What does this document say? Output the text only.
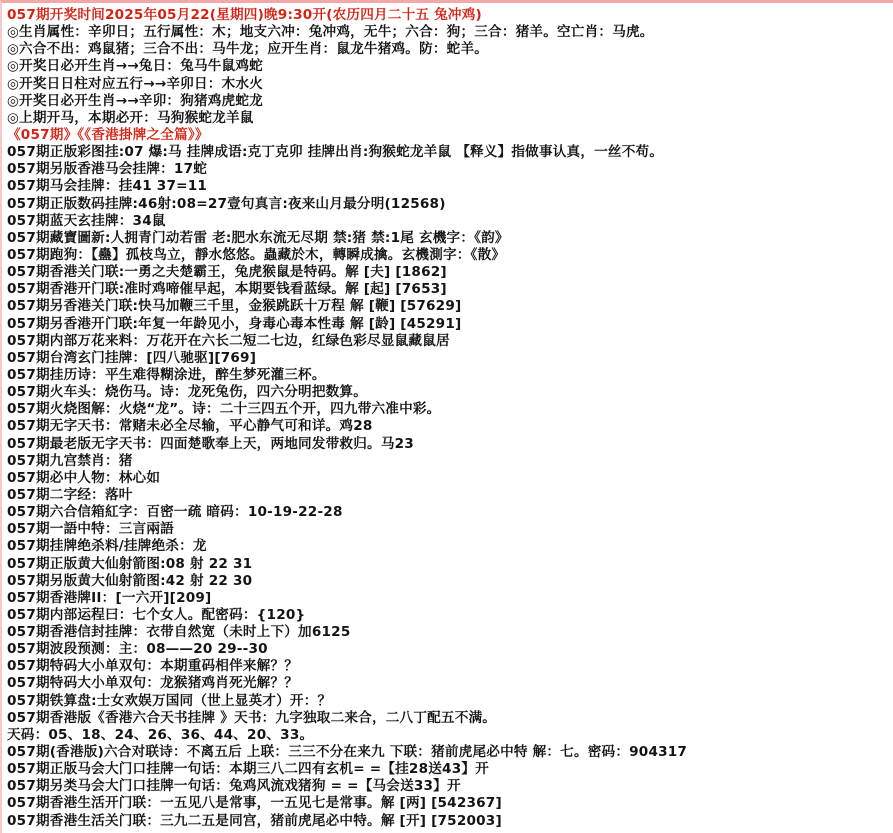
057期开奖时间2025年05月22(星期四)晚9:30开(农历四月二十五 兔冲鸡)
◎生肖属性：辛卯日；五行属性：木；地支六冲：兔冲鸡，无牛；六合：狗；三合：猪羊。空亡肖：马虎。
◎六合不出：鸡鼠猪；三合不出：马牛龙；应开生肖：鼠龙牛猪鸡。防：蛇羊。
◎开奖日必开生肖→→兔日：兔马牛鼠鸡蛇
◎开奖日日柱对应五行→→辛卯日：木水火
◎开奖日必开生肖→→辛卯：狗猪鸡虎蛇龙
◎上期开马，本期必开：马狗猴蛇龙羊鼠
《057期》《《香港掛牌之全篇》》
057期正版彩图挂:07 爆:马 挂牌成语:克丁克卯 挂牌出肖:狗猴蛇龙羊鼠 【释义】指做事认真，一丝不苟。
057期另版香港马会挂牌：17蛇
057期马会挂牌：挂41 37=11
057期正版数码挂牌:46射:08=27壹句真言:夜来山月最分明(12568)
057期蓝天玄挂牌：34鼠
057期藏寶圖新:人拥青门动若雷 老:肥水东流无尽期 禁:猪 禁:1尾 玄機字：《韵》
057期跑狗：【蠱】孤枝鸟立，靜水悠悠。蟲藏於木，轉瞬成擒。玄機測字：《散》
057期香港关门联:一勇之夫楚霸王，兔虎猴鼠是特码。解 [夫] [1862]
057期香港开门联:准时鸡啼催早起，本期要钱看蓝绿。解 [起] [7653]
057期另香港关门联:快马加鞭三千里，金猴跳跃十万程 解 [鞭] [57629]
057期另香港开门联:年复一年龄见小，身毒心毒本性毒 解 [龄] [45291]
057期内部万花来料：万花开在六长二短二七边，红绿色彩尽显鼠藏鼠居
057期台湾玄门挂牌：[四八驰驱][769]
057期挂历诗：平生难得糊涂进，醉生梦死灌三杯。
057期火车头：烧伤马。诗：龙死兔伤，四六分明把数算。
057期火烧图解：火烧“龙”。诗：二十三四五个开，四九带六准中彩。
057期无字天书：常赌未必全尽输，平心静气可和详。鸡28
057期最老版无字天书：四面楚歌奉上天，两地同发带救归。马23
057期九宫禁肖：猪
057期必中人物：林心如
057期二字经：落叶
057期六合信箱紅字：百密一疏 暗码：10-19-22-28
057期一語中特：三言兩語
057期挂牌绝杀料/挂牌绝杀：龙
057期正版黄大仙射箭图:08 射 22 31
057期另版黄大仙射箭图:42 射 22 30
057期香港牌II：[一六开][209]
057期内部运程曰：七个女人。配密码：{120}
057期香港信封挂牌：衣带自然宽（未时上下）加6125
057期波段预测：主：08——20 29--30
057期特码大小单双句：本期重码相伴来解？？
057期特码大小单双句：龙猴猪鸡肖死光解？？
057期铁算盘:士女欢娱万国同（世上显英才）开：？
057期香港版《香港六合天书挂牌 》天书：九字独取二来合，二八丁配五不满。
天码：05、18、24、26、36、44、20、33。
057期(香港版)六合对联诗：不离五后 上联：三三不分在来九 下联：猪前虎尾必中特 解：七。密码：904317
057期正版马会大门口挂牌一句话：本期三八二四有玄机= =【挂28送43】开
057期另类马会大门口挂牌一句话：兔鸡风流戏猪狗 = =【马会送33】开
057期香港生活开门联：一五见八是常事，一五见七是常事。解 [两] [542367]
057期香港生活关门联：三九二五是同宫，猪前虎尾必中特。解 [开] [752003]
